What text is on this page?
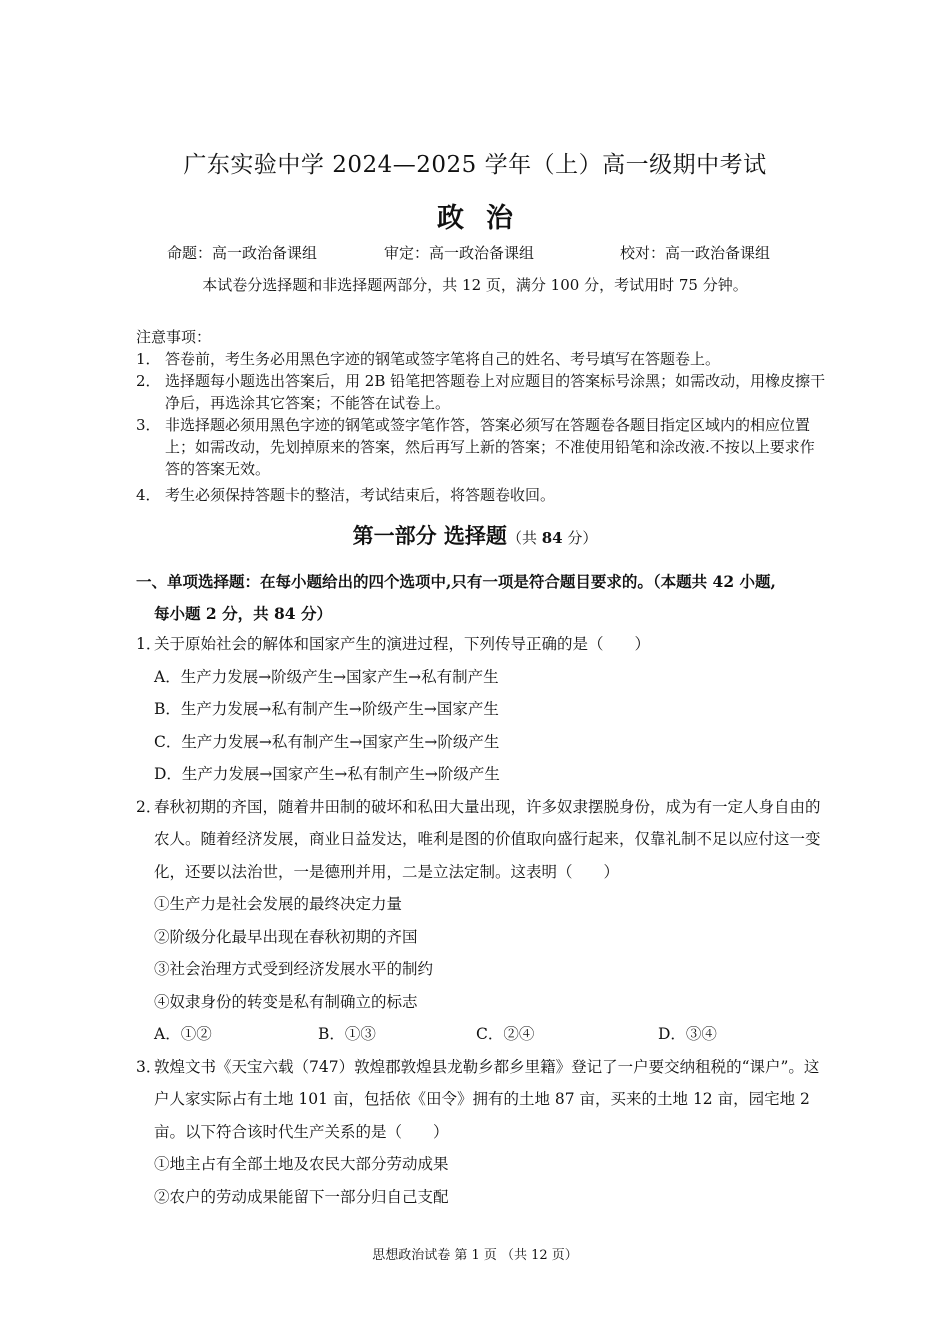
广东实验中学 2024—2025 学年（上）高一级期中考试
政治
命题：高一政治备课组	审定：高一政治备课组	校对：高一政治备课组
本试卷分选择题和非选择题两部分，共 12 页，满分 100 分，考试用时 75 分钟。
注意事项：
1． 答卷前，考生务必用黑色字迹的钢笔或签字笔将自己的姓名、考号填写在答题卷上。
2． 选择题每小题选出答案后，用 2B 铅笔把答题卷上对应题目的答案标号涂黑；如需改动，用橡皮擦干净后，再选涂其它答案；不能答在试卷上。
3． 非选择题必须用黑色字迹的钢笔或签字笔作答，答案必须写在答题卷各题目指定区域内的相应位置上；如需改动，先划掉原来的答案，然后再写上新的答案；不准使用铅笔和涂改液.不按以上要求作答的答案无效。
4． 考生必须保持答题卡的整洁，考试结束后，将答题卷收回。
第一部分 选择题（共 84 分）
一、单项选择题：在每小题给出的四个选项中,只有一项是符合题目要求的。（本题共 42 小题,
每小题 2 分，共 84 分）
1．
关于原始社会的解体和国家产生的演进过程，下列传导正确的是（　　）
A．生产力发展→阶级产生→国家产生→私有制产生
B．生产力发展→私有制产生→阶级产生→国家产生
C．生产力发展→私有制产生→国家产生→阶级产生
D．生产力发展→国家产生→私有制产生→阶级产生
2．
春秋初期的齐国，随着井田制的破坏和私田大量出现，许多奴隶摆脱身份，成为有一定人身自由的农人。随着经济发展，商业日益发达，唯利是图的价值取向盛行起来，仅靠礼制不足以应付这一变化，还要以法治世，一是德刑并用，二是立法定制。这表明（　　）
①生产力是社会发展的最终决定力量
②阶级分化最早出现在春秋初期的齐国
③社会治理方式受到经济发展水平的制约
④奴隶身份的转变是私有制确立的标志
A．①②	B．①③	C．②④	D．③④
3．
敦煌文书《天宝六载（747）敦煌郡敦煌县龙勒乡都乡里籍》登记了一户要交纳租税的“课户”。这户人家实际占有土地 101 亩，包括依《田令》拥有的土地 87 亩，买来的土地 12 亩，园宅地 2 亩。以下符合该时代生产关系的是（　　）
①地主占有全部土地及农民大部分劳动成果
②农户的劳动成果能留下一部分归自己支配
思想政治试卷 第 1 页 （共 12 页）
